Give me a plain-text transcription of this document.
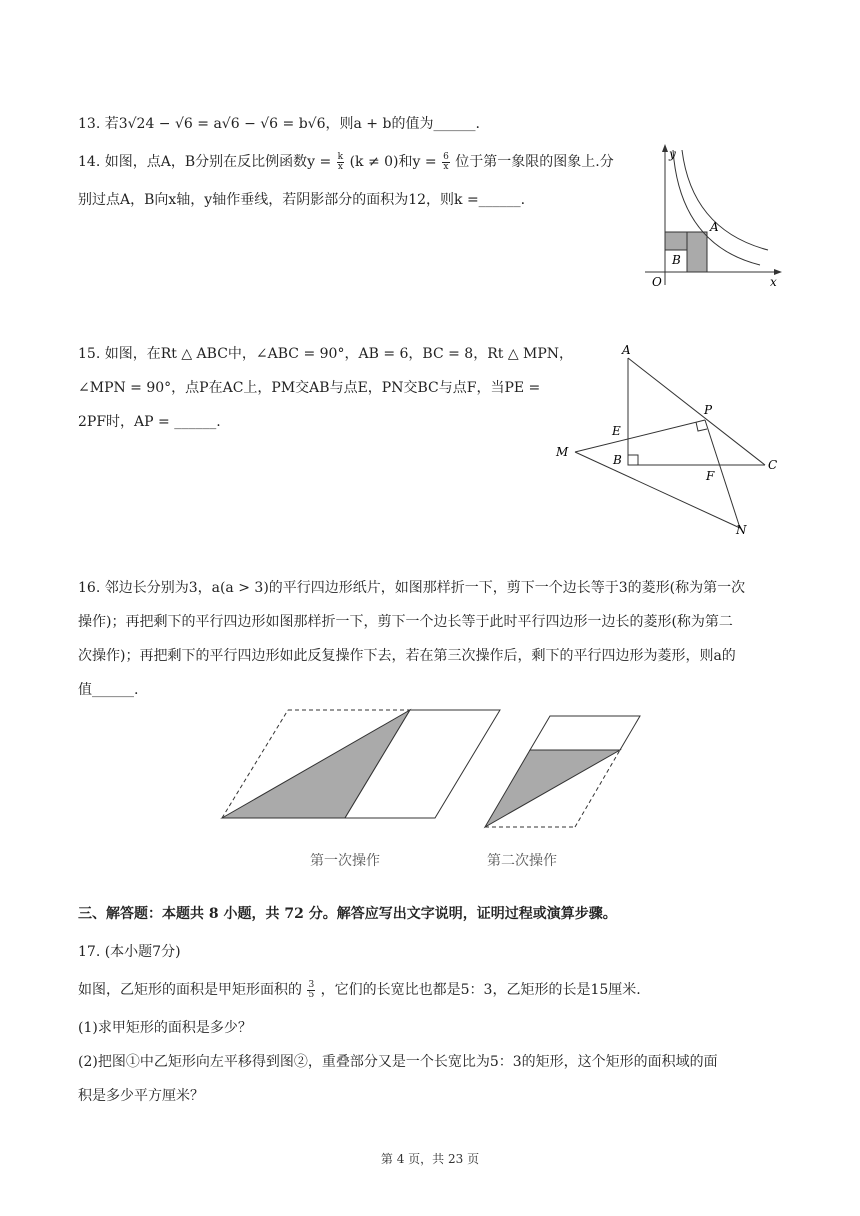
13. 若3√24 − √6 = a√6 − √6 = b√6，则a + b的值为______.
14. 如图，点A，B分别在反比例函数$y = \frac{k}{x} (k \ne 0)$和$y = \frac{6}{x}$ 位于第一象限的图象上.分
别过点A，B向x轴，y轴作垂线，若阴影部分的面积为12，则k =______.
y
x
O
A
B
15. 如图，在Rt △ ABC中，∠ABC = 90°，AB = 6，BC = 8，Rt △ MPN，
∠MPN = 90°，点P在AC上，PM交AB与点E，PN交BC与点F，当PE =
2PF时，AP = ______.
A
P
E
M
B	C
F
N
16. 邻边长分别为3，a(a > 3)的平行四边形纸片，如图那样折一下，剪下一个边长等于3的菱形(称为第一次
操作)；再把剩下的平行四边形如图那样折一下，剪下一个边长等于此时平行四边形一边长的菱形(称为第二
次操作)；再把剩下的平行四边形如此反复操作下去，若在第三次操作后，剩下的平行四边形为菱形，则a的
值______.
第一次操作	第二次操作
三、解答题：本题共 8 小题，共 72 分。解答应写出文字说明，证明过程或演算步骤。
17. (本小题7分)
如图，乙矩形的面积是甲矩形面积的 $\frac{3}{5}$ ，它们的长宽比也都是5：3，乙矩形的长是15厘米.
(1)求甲矩形的面积是多少？
(2)把图①中乙矩形向左平移得到图②，重叠部分又是一个长宽比为5：3的矩形，这个矩形的面积域的面
积是多少平方厘米？
第 4 页，共 23 页
